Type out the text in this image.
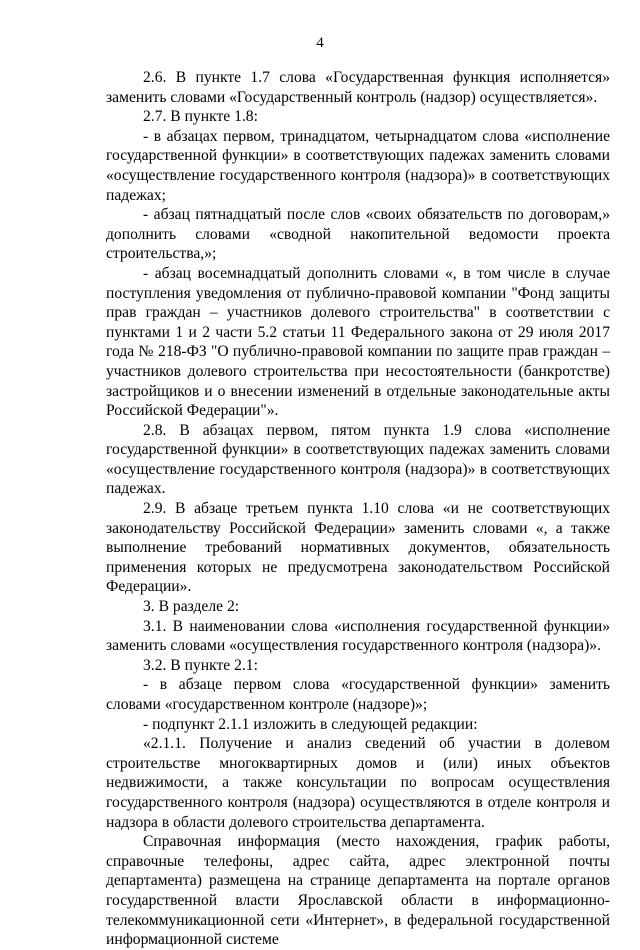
4

2.6. В пункте 1.7 слова «Государственная функция исполняется» заменить словами «Государственный контроль (надзор) осуществляется».

2.7. В пункте 1.8:

- в абзацах первом, тринадцатом, четырнадцатом слова «исполнение государственной функции» в соответствующих падежах заменить словами «осуществление государственного контроля (надзора)» в соответствующих падежах;

- абзац пятнадцатый после слов «своих обязательств по договорам,» дополнить словами «сводной накопительной ведомости проекта строительства,»;

- абзац восемнадцатый дополнить словами «, в том числе в случае поступления уведомления от публично-правовой компании "Фонд защиты прав граждан – участников долевого строительства" в соответствии с пунктами 1 и 2 части 5.2 статьи 11 Федерального закона от 29 июля 2017 года № 218-ФЗ "О публично-правовой компании по защите прав граждан – участников долевого строительства при несостоятельности (банкротстве) застройщиков и о внесении изменений в отдельные законодательные акты Российской Федерации"».

2.8. В абзацах первом, пятом пункта 1.9 слова «исполнение государственной функции» в соответствующих падежах заменить словами «осуществление государственного контроля (надзора)» в соответствующих падежах.

2.9. В абзаце третьем пункта 1.10 слова «и не соответствующих законодательству Российской Федерации» заменить словами «, а также выполнение требований нормативных документов, обязательность применения которых не предусмотрена законодательством Российской Федерации».

3. В разделе 2:

3.1. В наименовании слова «исполнения государственной функции» заменить словами «осуществления государственного контроля (надзора)».

3.2. В пункте 2.1:

- в абзаце первом слова «государственной функции» заменить словами «государственном контроле (надзоре)»;

- подпункт 2.1.1 изложить в следующей редакции:

«2.1.1. Получение и анализ сведений об участии в долевом строительстве многоквартирных домов и (или) иных объектов недвижимости, а также консультации по вопросам осуществления государственного контроля (надзора) осуществляются в отделе контроля и надзора в области долевого строительства департамента.

Справочная информация (место нахождения, график работы, справочные телефоны, адрес сайта, адрес электронной почты департамента) размещена на странице департамента на портале органов государственной власти Ярославской области в информационно-телекоммуникационной сети «Интернет», в федеральной государственной информационной системе
